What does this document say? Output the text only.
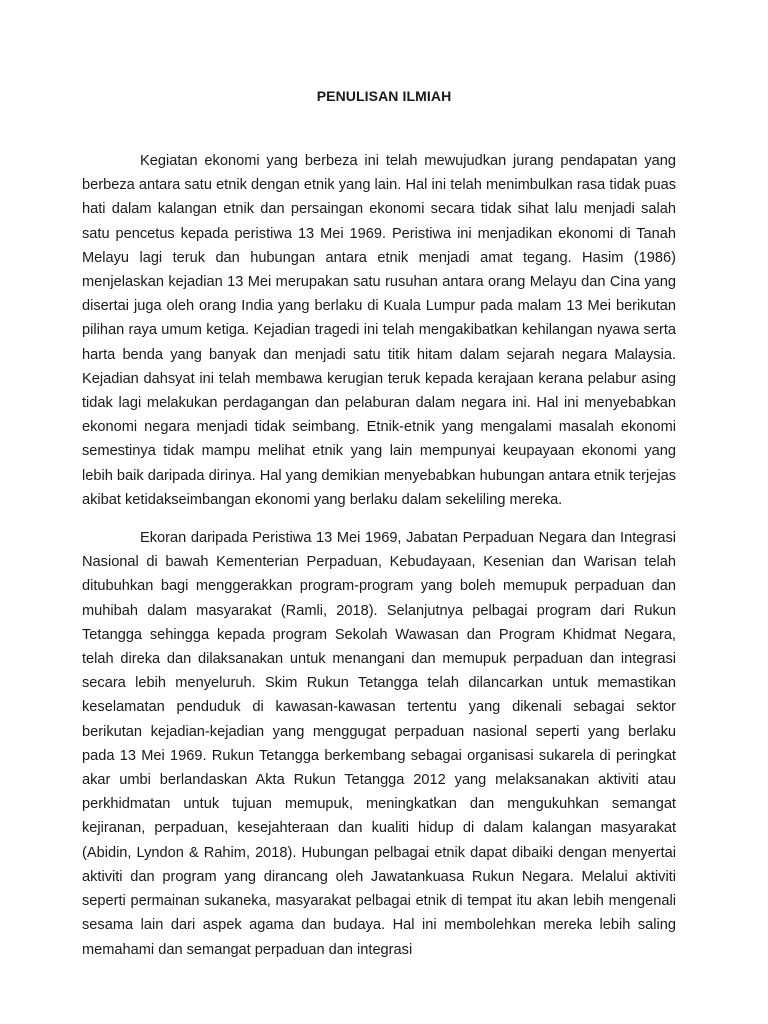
PENULISAN ILMIAH

Kegiatan ekonomi yang berbeza ini telah mewujudkan jurang pendapatan yang berbeza antara satu etnik dengan etnik yang lain. Hal ini telah menimbulkan rasa tidak puas hati dalam kalangan etnik dan persaingan ekonomi secara tidak sihat lalu menjadi salah satu pencetus kepada peristiwa 13 Mei 1969. Peristiwa ini menjadikan ekonomi di Tanah Melayu lagi teruk dan hubungan antara etnik menjadi amat tegang. Hasim (1986) menjelaskan kejadian 13 Mei merupakan satu rusuhan antara orang Melayu dan Cina yang disertai juga oleh orang India yang berlaku di Kuala Lumpur pada malam 13 Mei berikutan pilihan raya umum ketiga. Kejadian tragedi ini telah mengakibatkan kehilangan nyawa serta harta benda yang banyak dan menjadi satu titik hitam dalam sejarah negara Malaysia. Kejadian dahsyat ini telah membawa kerugian teruk kepada kerajaan kerana pelabur asing tidak lagi melakukan perdagangan dan pelaburan dalam negara ini. Hal ini menyebabkan ekonomi negara menjadi tidak seimbang. Etnik-etnik yang mengalami masalah ekonomi semestinya tidak mampu melihat etnik yang lain mempunyai keupayaan ekonomi yang lebih baik daripada dirinya. Hal yang demikian menyebabkan hubungan antara etnik terjejas akibat ketidakseimbangan ekonomi yang berlaku dalam sekeliling mereka.

Ekoran daripada Peristiwa 13 Mei 1969, Jabatan Perpaduan Negara dan Integrasi Nasional di bawah Kementerian Perpaduan, Kebudayaan, Kesenian dan Warisan telah ditubuhkan bagi menggerakkan program-program yang boleh memupuk perpaduan dan muhibah dalam masyarakat (Ramli, 2018). Selanjutnya pelbagai program dari Rukun Tetangga sehingga kepada program Sekolah Wawasan dan Program Khidmat Negara, telah direka dan dilaksanakan untuk menangani dan memupuk perpaduan dan integrasi secara lebih menyeluruh. Skim Rukun Tetangga telah dilancarkan untuk memastikan keselamatan penduduk di kawasan-kawasan tertentu yang dikenali sebagai sektor berikutan kejadian-kejadian yang menggugat perpaduan nasional seperti yang berlaku pada 13 Mei 1969. Rukun Tetangga berkembang sebagai organisasi sukarela di peringkat akar umbi berlandaskan Akta Rukun Tetangga 2012 yang melaksanakan aktiviti atau perkhidmatan untuk tujuan memupuk, meningkatkan dan mengukuhkan semangat kejiranan, perpaduan, kesejahteraan dan kualiti hidup di dalam kalangan masyarakat (Abidin, Lyndon & Rahim, 2018). Hubungan pelbagai etnik dapat dibaiki dengan menyertai aktiviti dan program yang dirancang oleh Jawatankuasa Rukun Negara. Melalui aktiviti seperti permainan sukaneka, masyarakat pelbagai etnik di tempat itu akan lebih mengenali sesama lain dari aspek agama dan budaya. Hal ini membolehkan mereka lebih saling memahami dan semangat perpaduan dan integrasi
